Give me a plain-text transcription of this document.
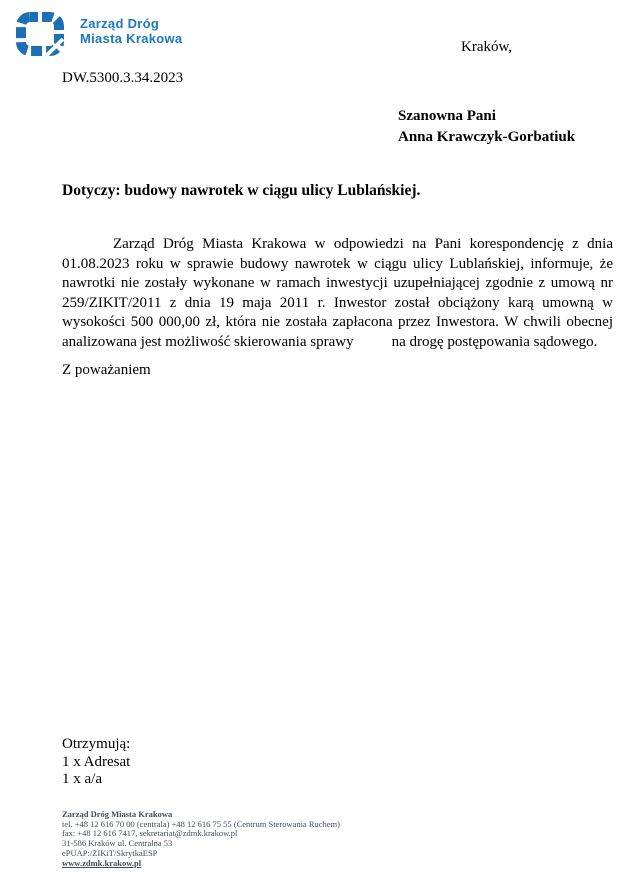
Zarząd Dróg
Miasta Krakowa
Kraków,
DW.5300.3.34.2023
Szanowna Pani
Anna Krawczyk-Gorbatiuk
Dotyczy: budowy nawrotek w ciągu ulicy Lublańskiej.
Zarząd Dróg Miasta Krakowa w odpowiedzi na Pani korespondencję z dnia 01.08.2023 roku w sprawie budowy nawrotek w ciągu ulicy Lublańskiej, informuje, że nawrotki nie zostały wykonane w ramach inwestycji uzupełniającej zgodnie z umową nr 259/ZIKIT/2011 z dnia 19 maja 2011 r. Inwestor został obciążony karą umowną w wysokości 500 000,00 zł, która nie została zapłacona przez Inwestora. W chwili obecnej analizowana jest możliwość skierowania sprawy	na drogę postępowania sądowego.
Z poważaniem
Otrzymują:
1 x Adresat
1 x a/a
Zarząd Dróg Miasta Krakowa
tel. +48 12 616 70 00 (centrala) +48 12 616 75 55 (Centrum Sterowania Ruchem)
fax: +48 12 616 7417, sekretariat@zdmk.krakow.pl
31-586 Kraków ul. Centralna 53
ePUAP:/ZIKiT/SkrytkaESP
www.zdmk.krakow.pl
